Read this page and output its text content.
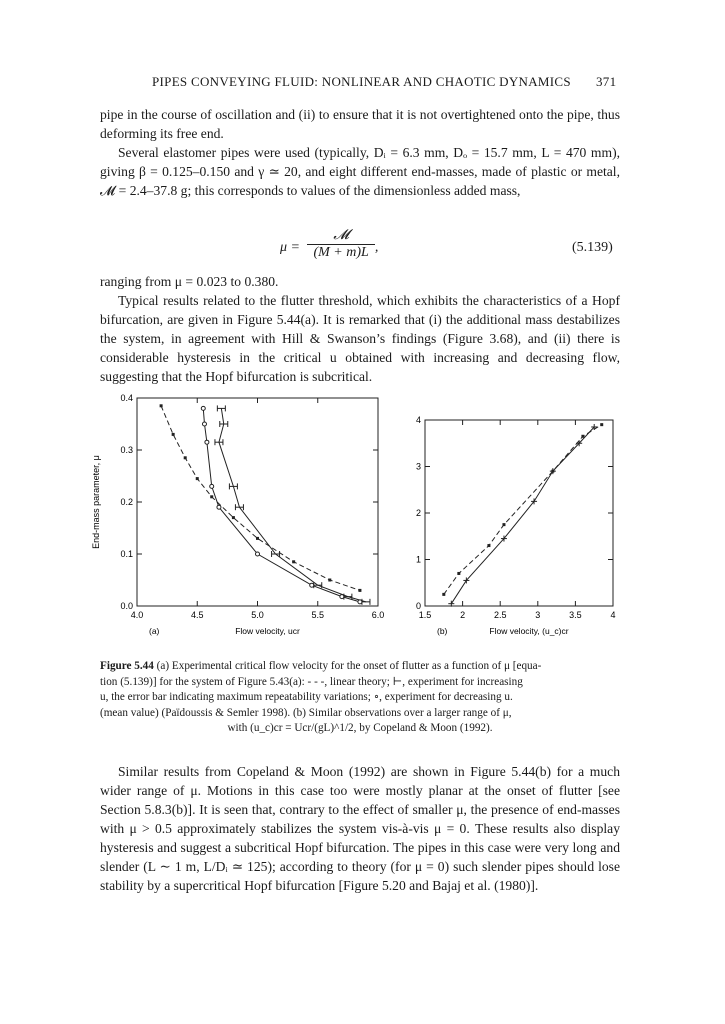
PIPES CONVEYING FLUID: NONLINEAR AND CHAOTIC DYNAMICS 371

pipe in the course of oscillation and (ii) to ensure that it is not overtightened onto the pipe, thus deforming its free end.

Several elastomer pipes were used (typically, Dᵢ = 6.3 mm, Dₒ = 15.7 mm, L = 470 mm), giving β = 0.125–0.150 and γ ≃ 20, and eight different end-masses, made of plastic or metal, 𝓜 = 2.4–37.8 g; this corresponds to values of the dimensionless added mass,

μ =
𝓜
(M + m)L ,	(5.139)

ranging from μ = 0.023 to 0.380.

Typical results related to the flutter threshold, which exhibits the characteristics of a Hopf bifurcation, are given in Figure 5.44(a). It is remarked that (i) the additional mass destabilizes the system, in agreement with Hill & Swanson’s findings (Figure 3.68), and (ii) there is considerable hysteresis in the critical u obtained with increasing and decreasing flow, suggesting that the Hopf bifurcation is subcritical.

4.0	4.5	5.0	5.5	6.0
0.0
0.1
0.2
0.3
0.4
(a)	Flow velocity, ucr
End-mass parameter, μ
1.5	2	2.5	3	3.5	4
0
1
2
3
4
(b)	Flow velocity, (u_c)cr
Figure 5.44 (a) Experimental critical flow velocity for the onset of flutter as a function of μ [equa-
tion (5.139)] for the system of Figure 5.43(a): - - -, linear theory; ⊢, experiment for increasing
u, the error bar indicating maximum repeatability variations; ∘, experiment for decreasing u.
(mean value) (Païdoussis & Semler 1998). (b) Similar observations over a larger range of μ,
with (u_c)cr = Ucr/(gL)^1/2, by Copeland & Moon (1992).

Similar results from Copeland & Moon (1992) are shown in Figure 5.44(b) for a much wider range of μ. Motions in this case too were mostly planar at the onset of flutter [see Section 5.8.3(b)]. It is seen that, contrary to the effect of smaller μ, the presence of end-masses with μ > 0.5 approximately stabilizes the system vis-à-vis μ = 0. These results also display hysteresis and suggest a subcritical Hopf bifurcation. The pipes in this case were very long and slender (L ∼ 1 m, L/Dᵢ ≃ 125); according to theory (for μ = 0) such slender pipes should lose stability by a supercritical Hopf bifurcation [Figure 5.20 and Bajaj et al. (1980)].
